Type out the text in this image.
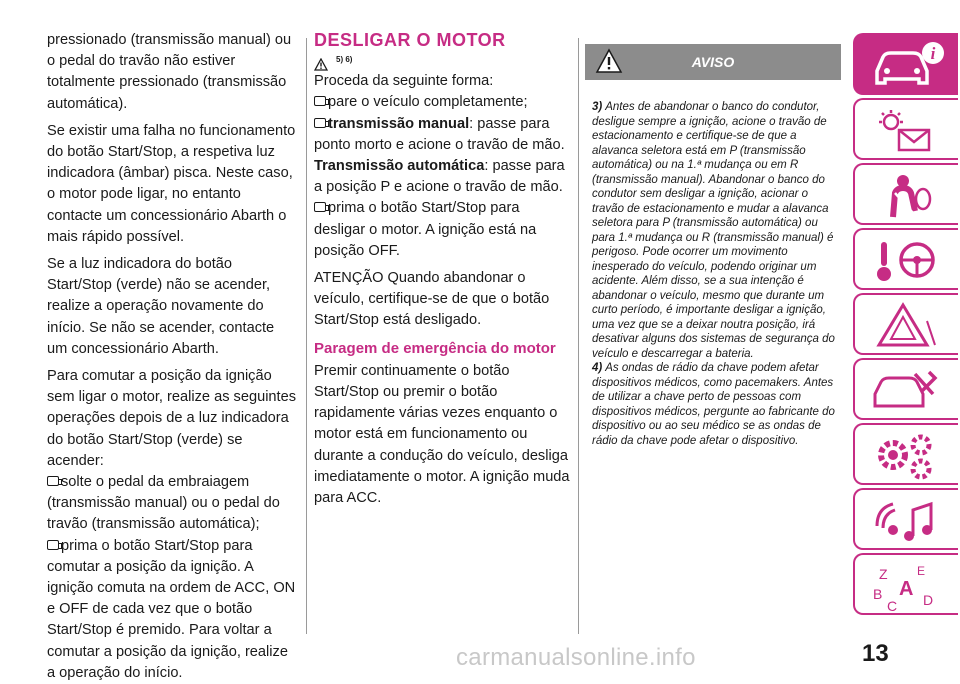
pressionado (transmissão manual) ou o pedal do travão não estiver totalmente pressionado (transmissão automática).

Se existir uma falha no funcionamento do botão Start/Stop, a respetiva luz indicadora (âmbar) pisca. Neste caso, o motor pode ligar, no entanto contacte um concessionário Abarth o mais rápido possível.

Se a luz indicadora do botão Start/Stop (verde) não se acender, realize a operação novamente do início. Se não se acender, contacte um concessionário Abarth.

Para comutar a posição da ignição sem ligar o motor, realize as seguintes operações depois de a luz indicadora do botão Start/Stop (verde) se acender:

solte o pedal da embraiagem (transmissão manual) ou o pedal do travão (transmissão automática);
prima o botão Start/Stop para comutar a posição da ignição. A ignição comuta na ordem de ACC, ON e OFF de cada vez que o botão Start/Stop é premido. Para voltar a comutar a posição da ignição, realize a operação do início.
DESLIGAR O MOTOR
$^{5) 6)}$
Proceda da seguinte forma:
pare o veículo completamente;
transmissão manual: passe para ponto morto e acione o travão de mão.
Transmissão automática: passe para a posição P e acione o travão de mão.
prima o botão Start/Stop para desligar o motor. A ignição está na posição OFF.

ATENÇÃO Quando abandonar o veículo, certifique-se de que o botão Start/Stop está desligado.

Paragem de emergência do motor

Premir continuamente o botão Start/Stop ou premir o botão rapidamente várias vezes enquanto o motor está em funcionamento ou durante a condução do veículo, desliga imediatamente o motor. A ignição muda para ACC.

AVISO

3) Antes de abandonar o banco do condutor, desligue sempre a ignição, acione o travão de estacionamento e certifique-se de que a alavanca seletora está em P (transmissão automática) ou na 1.ª mudança ou em R (transmissão manual). Abandonar o banco do condutor sem desligar a ignição, acionar o travão de estacionamento e mudar a alavanca seletora para P (transmissão automática) ou para 1.ª mudança ou R (transmissão manual) é perigoso. Pode ocorrer um movimento inesperado do veículo, podendo originar um acidente. Além disso, se a sua intenção é abandonar o veículo, mesmo que durante um curto período, é importante desligar a ignição, uma vez que se a deixar noutra posição, irá desativar alguns dos sistemas de segurança do veículo e descarregar a bateria.

4) As ondas de rádio da chave podem afetar dispositivos médicos, como pacemakers. Antes de utilizar a chave perto de pessoas com dispositivos médicos, pergunte ao fabricante do dispositivo ou ao seu médico se as ondas de rádio da chave pode afetar o dispositivo.

i
Z E
B A
C D
13
carmanualsonline.info
